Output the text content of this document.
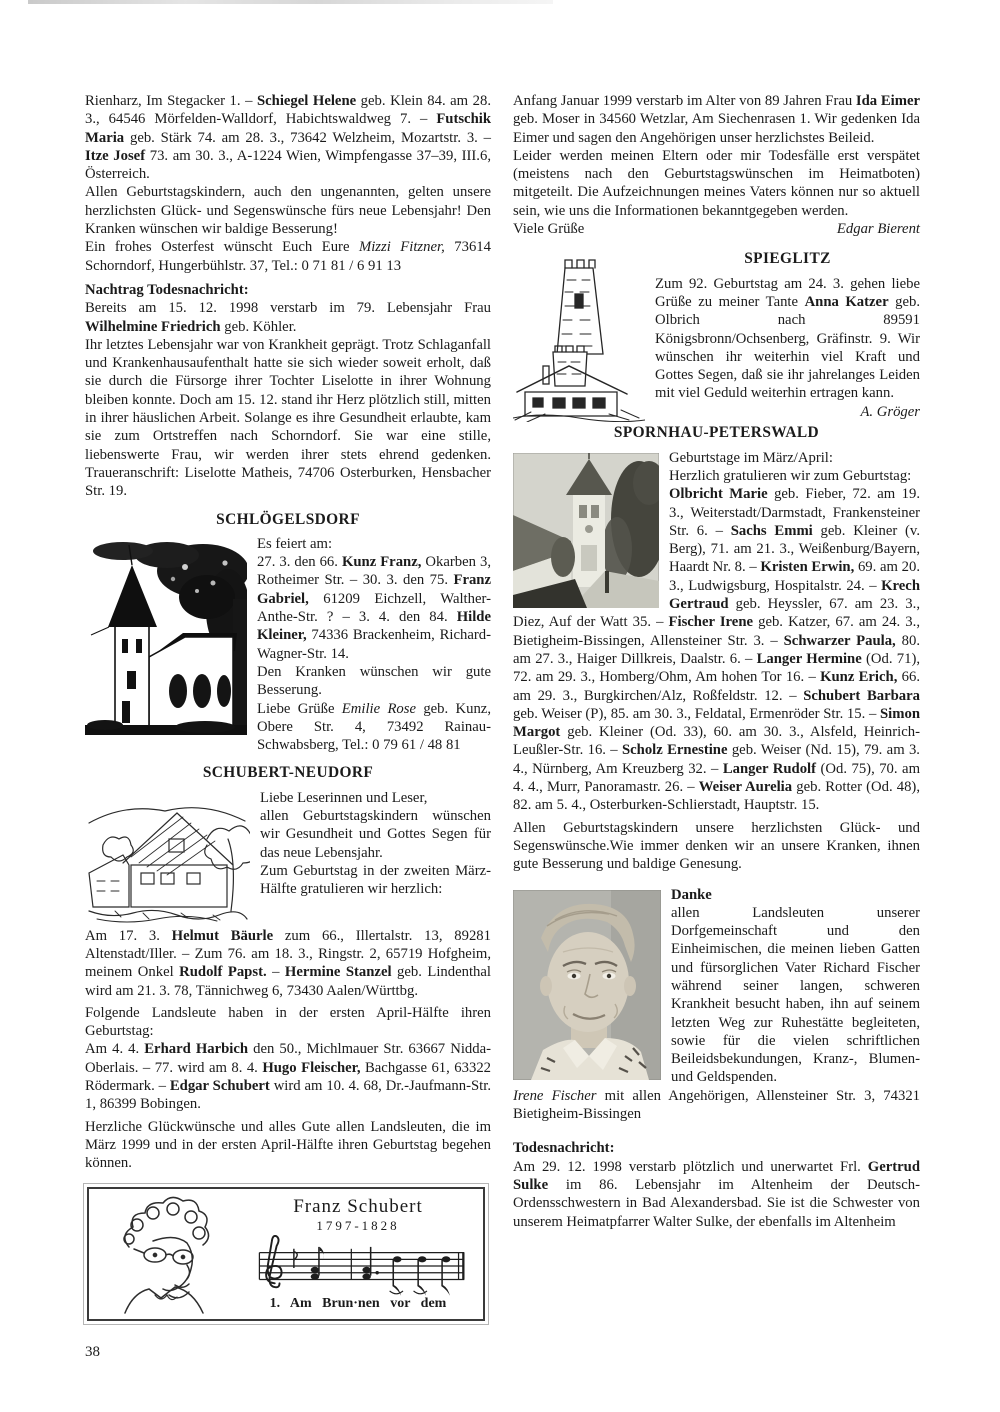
Rienharz, Im Stegacker 1. – Schiegel Helene geb. Klein 84. am 28. 3., 64546 Mörfelden-Walldorf, Habichtswaldweg 7. – Futschik Maria geb. Stärk 74. am 28. 3., 73642 Welzheim, Mozartstr. 3. – Itze Josef 73. am 30. 3., A-1224 Wien, Wimpfengasse 37–39, III.6, Österreich.

Allen Geburtstagskindern, auch den ungenannten, gelten unsere herzlichsten Glück- und Segenswünsche fürs neue Lebensjahr! Den Kranken wünschen wir baldige Besserung!

Ein frohes Osterfest wünscht Euch Eure Mizzi Fitzner, 73614 Schorndorf, Hungerbühlstr. 37, Tel.: 0 71 81 / 6 91 13

Nachtrag Todesnachricht:

Bereits am 15. 12. 1998 verstarb im 79. Lebensjahr Frau Wilhelmine Friedrich geb. Köhler.

Ihr letztes Lebensjahr war von Krankheit geprägt. Trotz Schlaganfall und Krankenhausaufenthalt hatte sie sich wieder soweit erholt, daß sie durch die Fürsorge ihrer Tochter Liselotte in ihrer Wohnung bleiben konnte. Doch am 15. 12. stand ihr Herz plötzlich still, mitten in ihrer häuslichen Arbeit. Solange es ihre Gesundheit erlaubte, kam sie zum Ortstreffen nach Schorndorf. Sie war eine stille, liebenswerte Frau, wir werden ihrer stets ehrend gedenken. Traueranschrift: Liselotte Matheis, 74706 Osterburken, Hensbacher Str. 19.

SCHLÖGELSDORF

Es feiert am:

27. 3. den 66. Kunz Franz, Okarben 3, Rotheimer Str. – 30. 3. den 75. Franz Gabriel, 61209 Eichzell, Walther-Anthe-Str. ? – 3. 4. den 84. Hilde Kleiner, 74336 Brackenheim, Richard-Wagner-Str. 14.

Den Kranken wünschen wir gute Besserung.

Liebe Grüße Emilie Rose geb. Kunz, Obere Str. 4, 73492 Rainau-Schwabsberg, Tel.: 0 79 61 / 48 81

SCHUBERT-NEUDORF

Liebe Leserinnen und Leser,

allen Geburtstagskindern wünschen wir Gesundheit und Gottes Segen für das neue Lebensjahr.

Zum Geburtstag in der zweiten März-Hälfte gratulieren wir herzlich:

Am 17. 3. Helmut Bäurle zum 66., Illertalstr. 13, 89281 Altenstadt/Iller. – Zum 76. am 18. 3., Ringstr. 2, 65719 Hofgheim, meinem Onkel Rudolf Papst. – Hermine Stanzel geb. Lindenthal wird am 21. 3. 78, Tännichweg 6, 73430 Aalen/Württbg.

Folgende Landsleute haben in der ersten April-Hälfte ihren Geburtstag:

Am 4. 4. Erhard Harbich den 50., Michlmauer Str. 63667 Nidda-Oberlais. – 77. wird am 8. 4. Hugo Fleischer, Bachgasse 61, 63322 Rödermark. – Edgar Schubert wird am 10. 4. 68, Dr.-Jaufmann-Str. 1, 86399 Bobingen.

Herzliche Glückwünsche und alles Gute allen Landsleuten, die im März 1999 und in der ersten April-Hälfte ihren Geburtstag begehen können.

Franz Schubert
1797-1828
1. Am Brun·nen vor dem

Anfang Januar 1999 verstarb im Alter von 89 Jahren Frau Ida Eimer geb. Moser in 34560 Wetzlar, Am Siechenrasen 1. Wir gedenken Ida Eimer und sagen den Angehörigen unser herzlichstes Beileid.

Leider werden meinen Eltern oder mir Todesfälle erst verspätet (meistens nach den Geburtstagswünschen im Heimatboten) mitgeteilt. Die Aufzeichnungen meines Vaters können nur so aktuell sein, wie uns die Informationen bekanntgegeben werden.

Viele Grüße	Edgar Bierent
SPIEGLITZ

Zum 92. Geburtstag am 24. 3. gehen liebe Grüße zu meiner Tante Anna Katzer geb. Olbrich nach 89591 Königsbronn/Ochsenberg, Gräfinstr. 9. Wir wünschen ihr weiterhin viel Kraft und Gottes Segen, daß sie ihr jahrelanges Leiden mit viel Geduld weiterhin ertragen kann.
A. Gröger

SPORNHAU-PETERSWALD

Geburtstage im März/April:

Herzlich gratulieren wir zum Geburtstag:

Olbricht Marie geb. Fieber, 72. am 19. 3., Weiterstadt/Darmstadt, Frankensteiner Str. 6. – Sachs Emmi geb. Kleiner (v. Berg), 71. am 21. 3., Weißenburg/Bayern, Haardt Nr. 8. – Kristen Erwin, 69. am 20. 3., Ludwigsburg, Hospitalstr. 24. – Krech Gertraud geb. Heyssler, 67. am 23. 3., Diez, Auf der Watt 35. – Fischer Irene geb. Katzer, 67. am 24. 3., Bietigheim-Bissingen, Allensteiner Str. 3. – Schwarzer Paula, 80. am 27. 3., Haiger Dillkreis, Daalstr. 6. – Langer Hermine (Od. 71), 72. am 29. 3., Homberg/Ohm, Am hohen Tor 16. – Kunz Erich, 66. am 29. 3., Burgkirchen/Alz, Roßfeldstr. 12. – Schubert Barbara geb. Weiser (P), 85. am 30. 3., Feldatal, Ermenröder Str. 15. – Simon Margot geb. Kleiner (Od. 33), 60. am 30. 3., Alsfeld, Heinrich-Leußler-Str. 16. – Scholz Ernestine geb. Weiser (Nd. 15), 79. am 3. 4., Nürnberg, Am Kreuzberg 32. – Langer Rudolf (Od. 75), 70. am 4. 4., Murr, Panoramastr. 26. – Weiser Aurelia geb. Rotter (Od. 48), 82. am 5. 4., Osterburken-Schlierstadt, Hauptstr. 15.

Allen Geburtstagskindern unsere herzlichsten Glück- und Segenswünsche.Wie immer denken wir an unsere Kranken, ihnen gute Besserung und baldige Genesung.

Danke

allen Landsleuten unserer Dorfgemeinschaft und den Einheimischen, die meinen lieben Gatten und fürsorglichen Vater Richard Fischer während seiner langen, schweren Krankheit besucht haben, ihn auf seinem letzten Weg zur Ruhestätte begleiteten, sowie für die vielen schriftlichen Beileidsbekundungen, Kranz-, Blumen- und Geldspenden.

Irene Fischer mit allen Angehörigen, Allensteiner Str. 3, 74321 Bietigheim-Bissingen

Todesnachricht:

Am 29. 12. 1998 verstarb plötzlich und unerwartet Frl. Gertrud Sulke im 86. Lebensjahr im Altenheim der Deutsch-Ordensschwestern in Bad Alexandersbad. Sie ist die Schwester von unserem Heimatpfarrer Walter Sulke, der ebenfalls im Altenheim

38
